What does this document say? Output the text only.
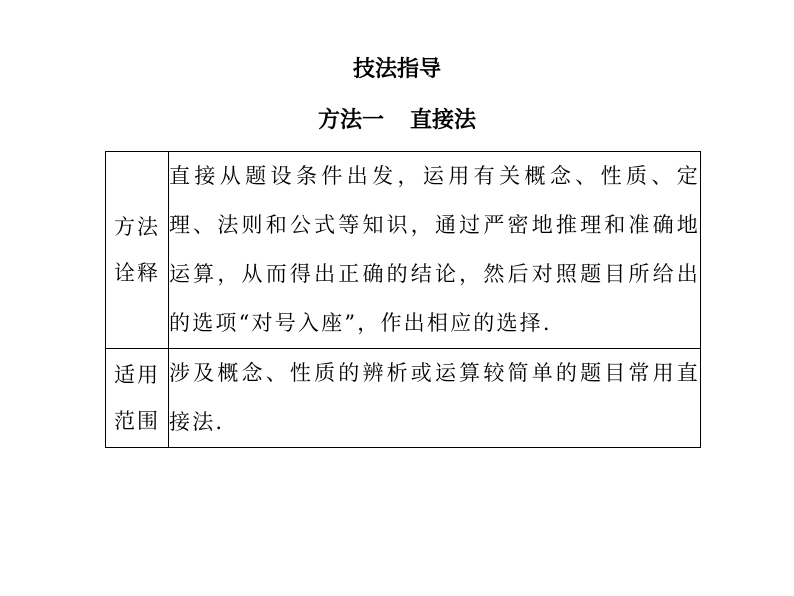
技法指导
方法一 直接法
方法
诠释	直接从题设条件出发，运用有关概念、性质、定理、法则和公式等知识，通过严密地推理和准确地运算，从而得出正确的结论，然后对照题目所给出的选项“对号入座”，作出相应的选择.

适用
范围	涉及概念、性质的辨析或运算较简单的题目常用直接法.
